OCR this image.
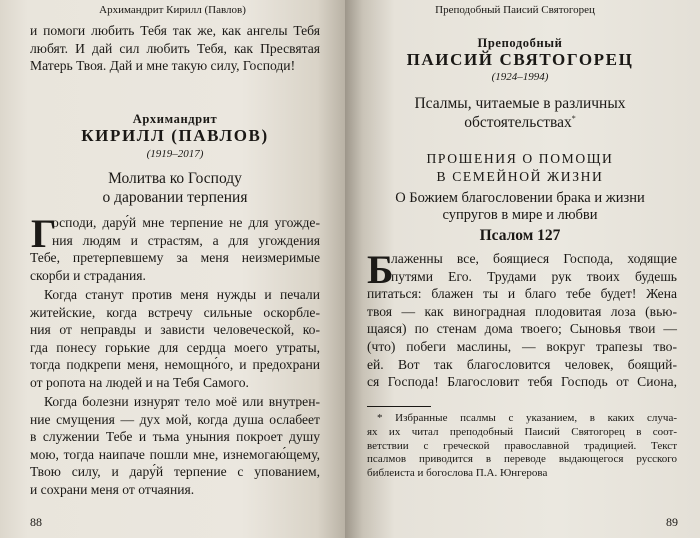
Архимандрит Кирилл (Павлов)
и помоги любить Тебя так же, как ангелы Тебя
любят. И дай сил любить Тебя, как Пресвятая
Матерь Твоя. Дай и мне такую силу, Господи!
Архимандрит
КИРИЛЛ (ПАВЛОВ)
(1919–2017)
Молитва ко Господу
о даровании терпения
Г
осподи, дару́й мне терпение не для угожде-
ния людям и страстям, а для угождения
Тебе, претерпевшему за меня неизмеримые
скорби и страдания.
Когда станут против меня нужды и печали
житейские, когда встречу сильные оскорбле-
ния от неправды и зависти человеческой, ко-
гда понесу горькие для сердца моего утраты,
тогда подкрепи меня, немощно́го, и предохрани
от ропота на людей и на Тебя Самого.
Когда болезни изнурят тело моё или внутрен-
ние смущения — дух мой, когда душа ослабеет
в служении Тебе и тьма уныния покроет душу
мою, тогда наипаче пошли мне, изнемогаю́щему,
Твою силу, и дару́й терпение с упованием,
и сохрани меня от отчаяния.
88
Преподобный Паисий Святогорец
Преподобный
ПАИСИЙ СВЯТОГОРЕЦ
(1924–1994)
Псалмы, читаемые в различных
обстоятельствах*
ПРОШЕНИЯ О ПОМОЩИ
В СЕМЕЙНОЙ ЖИЗНИ
О Божием благословении брака и жизни
супругов в мире и любви
Псалом 127
Б
лаженны все, боящиеся Господа, ходящие
путями Его. Трудами рук твоих будешь
питаться: блажен ты и благо тебе будет! Жена
твоя — как виноградная плодовитая лоза (вью-
щаяся) по стенам дома твоего; Сыновья твои —
(что) побеги маслины, — вокруг трапезы тво-
ей. Вот так благословится человек, боящий-
ся Господа! Благословит тебя Господь от Сиона,
* Избранные псалмы с указанием, в каких случа-
ях их читал преподобный Паисий Святогорец в соот-
ветствии с греческой православной традицией. Текст
псалмов приводится в переводе выдающегося русского
библеиста и богослова П.А. Юнгерова
89
